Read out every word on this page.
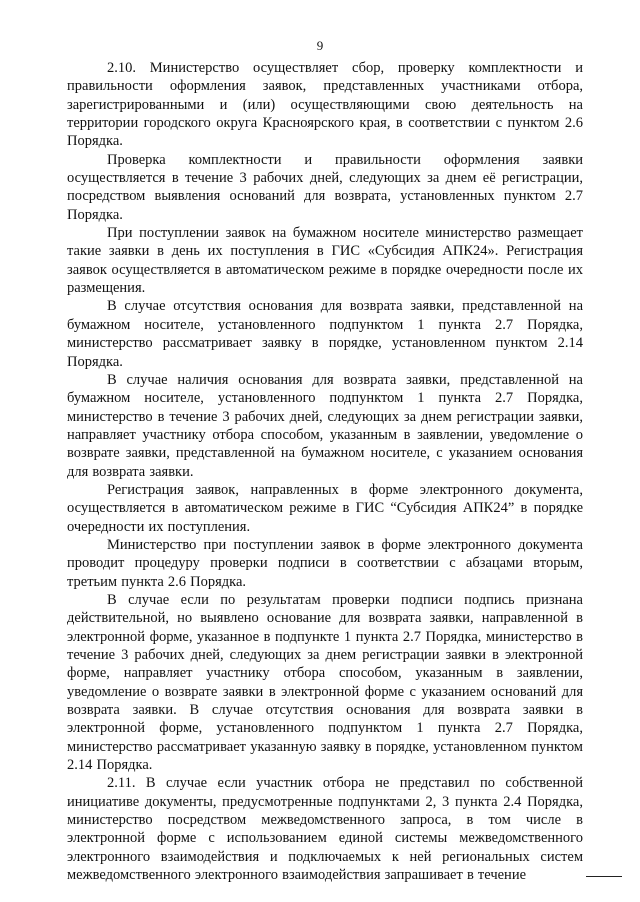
9

2.10. Министерство осуществляет сбор, проверку комплектности и правильности оформления заявок, представленных участниками отбора, зарегистрированными и (или) осуществляющими свою деятельность на территории городского округа Красноярского края, в соответствии с пунктом 2.6 Порядка.

Проверка комплектности и правильности оформления заявки осуществляется в течение 3 рабочих дней, следующих за днем её регистрации, посредством выявления оснований для возврата, установленных пунктом 2.7 Порядка.

При поступлении заявок на бумажном носителе министерство размещает такие заявки в день их поступления в ГИС «Субсидия АПК24». Регистрация заявок осуществляется в автоматическом режиме в порядке очередности после их размещения.

В случае отсутствия основания для возврата заявки, представленной на бумажном носителе, установленного подпунктом 1 пункта 2.7 Порядка, министерство рассматривает заявку в порядке, установленном пунктом 2.14 Порядка.

В случае наличия основания для возврата заявки, представленной на бумажном носителе, установленного подпунктом 1 пункта 2.7 Порядка, министерство в течение 3 рабочих дней, следующих за днем регистрации заявки, направляет участнику отбора способом, указанным в заявлении, уведомление о возврате заявки, представленной на бумажном носителе, с указанием основания для возврата заявки.

Регистрация заявок, направленных в форме электронного документа, осуществляется в автоматическом режиме в ГИС “Субсидия АПК24” в порядке очередности их поступления.

Министерство при поступлении заявок в форме электронного документа проводит процедуру проверки подписи в соответствии с абзацами вторым, третьим пункта 2.6 Порядка.

В случае если по результатам проверки подписи подпись признана действительной, но выявлено основание для возврата заявки, направленной в электронной форме, указанное в подпункте 1 пункта 2.7 Порядка, министерство в течение 3 рабочих дней, следующих за днем регистрации заявки в электронной форме, направляет участнику отбора способом, указанным в заявлении, уведомление о возврате заявки в электронной форме с указанием оснований для возврата заявки. В случае отсутствия основания для возврата заявки в электронной форме, установленного подпунктом 1 пункта 2.7 Порядка, министерство рассматривает указанную заявку в порядке, установленном пунктом 2.14 Порядка.

2.11. В случае если участник отбора не представил по собственной инициативе документы, предусмотренные подпунктами 2, 3 пункта 2.4 Порядка, министерство посредством межведомственного запроса, в том числе в электронной форме с использованием единой системы межведомственного электронного взаимодействия и подключаемых к ней региональных систем межведомственного электронного взаимодействия запрашивает в течение
